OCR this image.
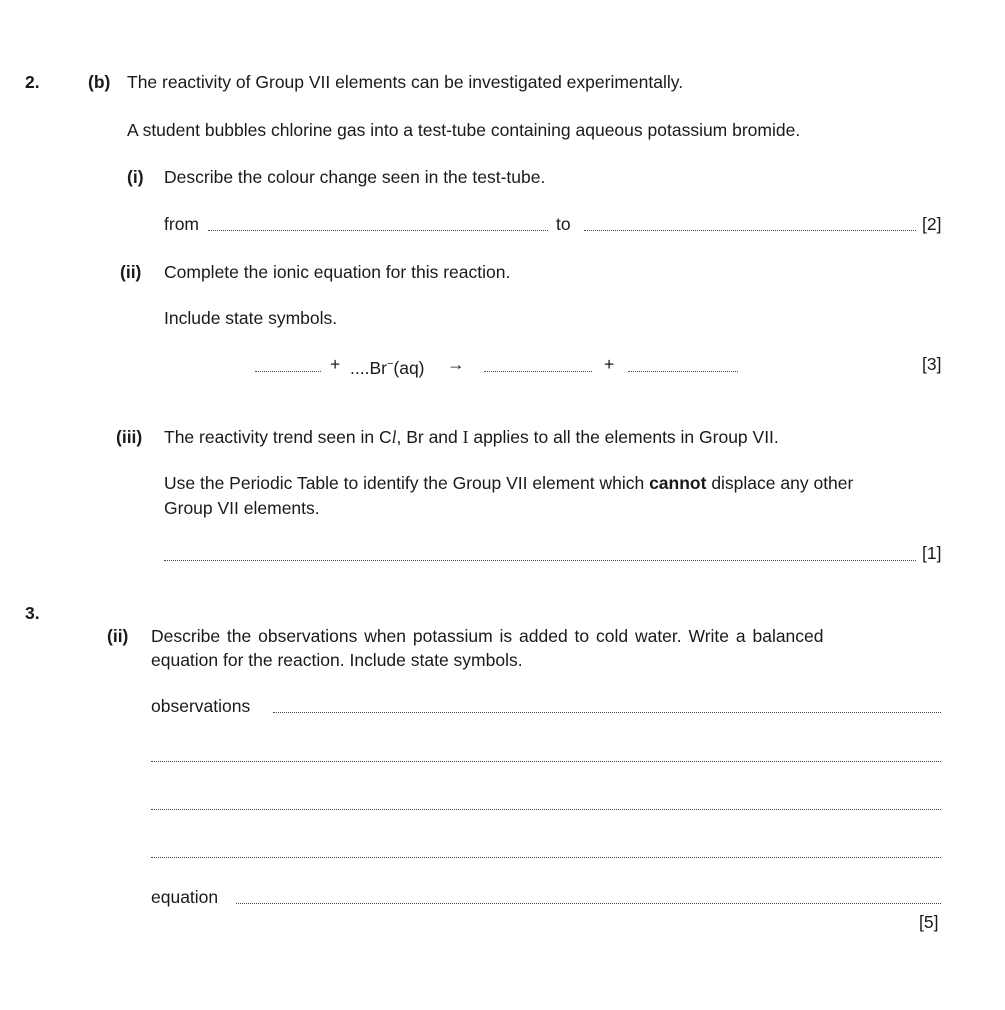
2.	(b) The reactivity of Group VII elements can be investigated experimentally.
A student bubbles chlorine gas into a test-tube containing aqueous potassium bromide.
(i) Describe the colour change seen in the test-tube.
from	to	[2]
(ii) Complete the ionic equation for this reaction.
Include state symbols.
+ ....Br−(aq) →	+	[3]
(iii) The reactivity trend seen in Cl, Br and I applies to all the elements in Group VII.
Use the Periodic Table to identify the Group VII element which cannot displace any other
Group VII elements.
[1]
3.
(ii) Describe the observations when potassium is added to cold water. Write a balanced
equation for the reaction. Include state symbols.
observations
equation
[5]
